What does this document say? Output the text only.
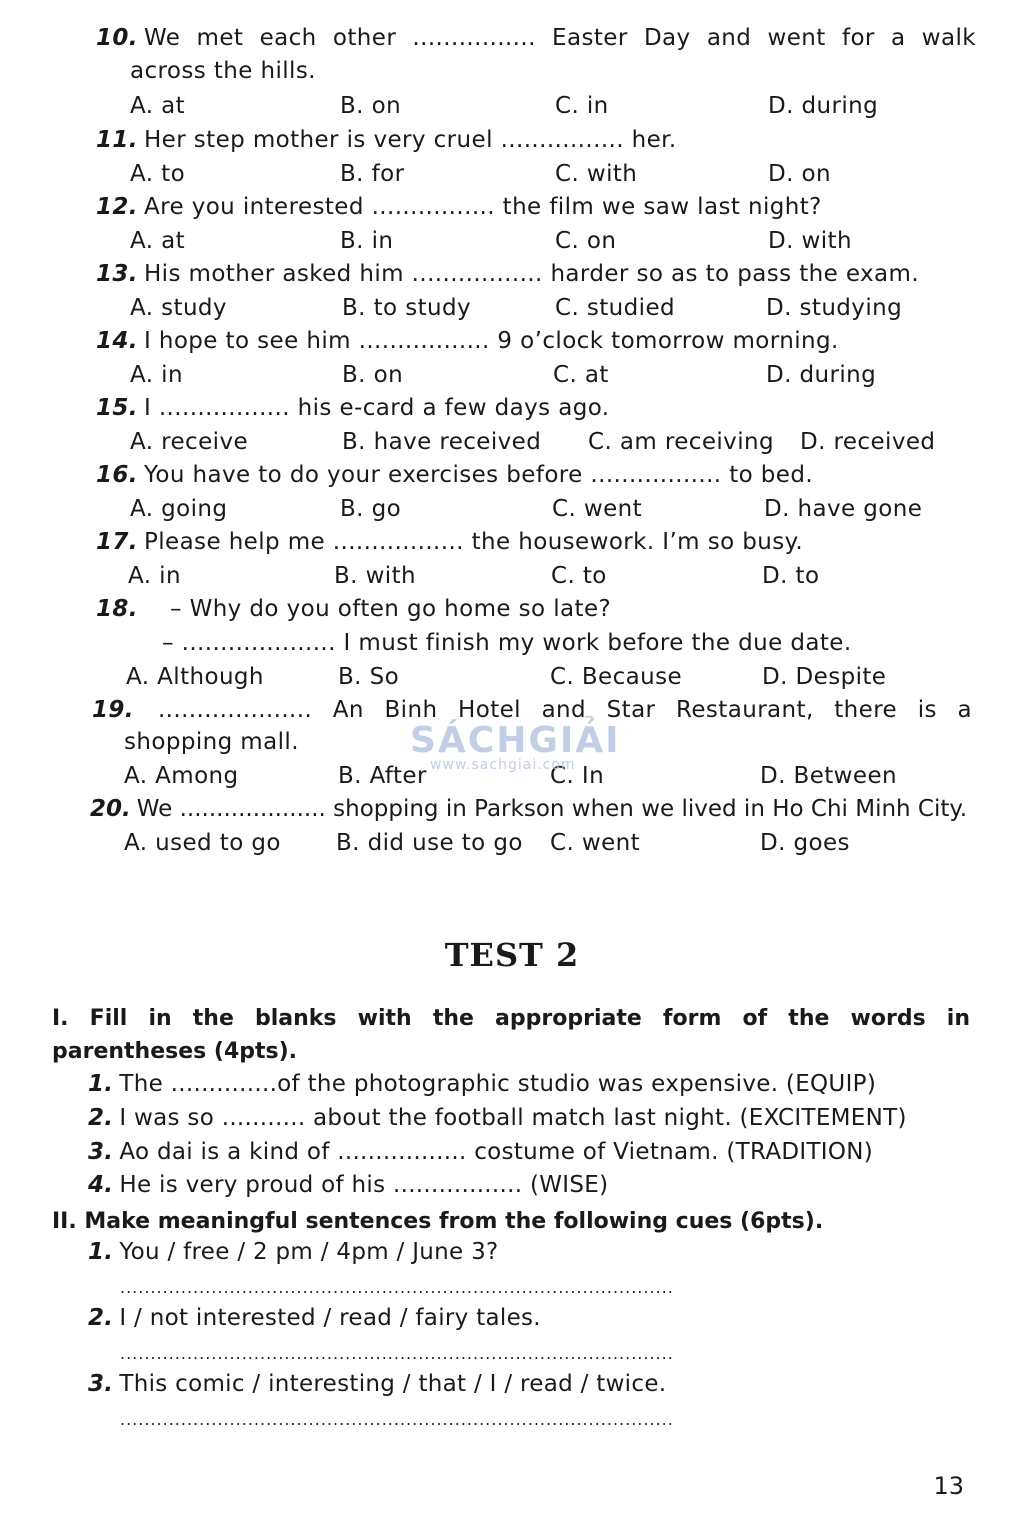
10. We met each other ................ Easter Day and went for a walk
across the hills.
A. at	B. on	C. in	D. during
11. Her step mother is very cruel ................ her.
A. to	B. for	C. with	D. on
12. Are you interested ................ the film we saw last night?
A. at	B. in	C. on	D. with
13. His mother asked him ................. harder so as to pass the exam.
A. study	B. to study	C. studied	D. studying
14. I hope to see him ................. 9 o’clock tomorrow morning.
A. in	B. on	C. at	D. during
15. I ................. his e-card a few days ago.
A. receive	B. have received C. am receiving D. received
16. You have to do your exercises before ................. to bed.
A. going	B. go	C. went	D. have gone
17. Please help me ................. the housework. I’m so busy.
A. in	B. with	C. to	D. to
18. – Why do you often go home so late?
– .................... I must finish my work before the due date.
A. Although	B. So	C. Because	D. Despite
19. .................... An Binh Hotel and Star Restaurant, there is a
shopping mall.
A. Among	B. After	C. In	D. Between
20. We .................... shopping in Parkson when we lived in Ho Chi Minh City.
A. used to go B. did use to go C. went	D. goes
SÁCHGIẢI
www.sachgiai.com
TEST 2
I. Fill in the blanks with the appropriate form of the words in parentheses (4pts).
1. The ..............of the photographic studio was expensive. (EQUIP)
2. I was so ........... about the football match last night. (EXCITEMENT)
3. Ao dai is a kind of ................. costume of Vietnam. (TRADITION)
4. He is very proud of his ................. (WISE)
II. Make meaningful sentences from the following cues (6pts).
1. You / free / 2 pm / 4pm / June 3?
...........................................................................................
2. I / not interested / read / fairy tales.
...........................................................................................
3. This comic / interesting / that / I / read / twice.
...........................................................................................
13
